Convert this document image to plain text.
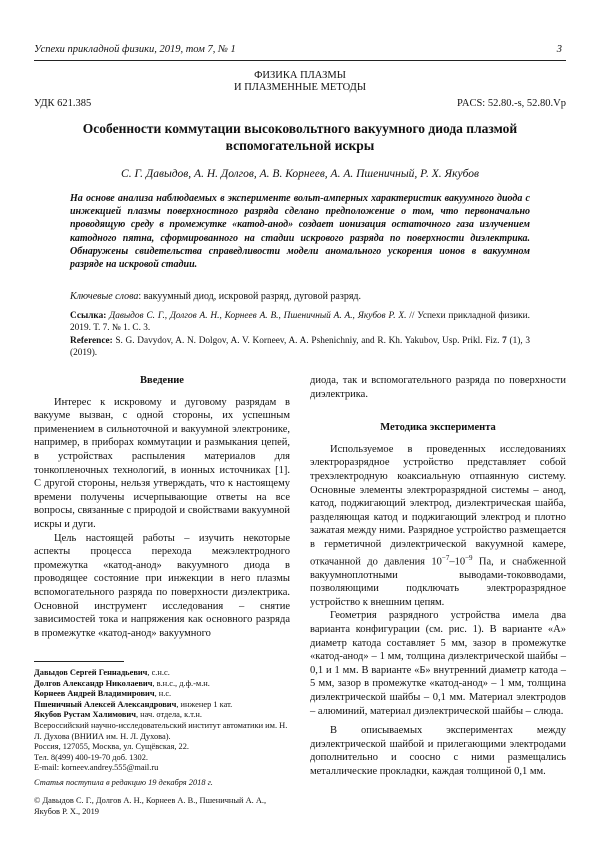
Успехи прикладной физики, 2019, том 7, № 1	3
ФИЗИКА ПЛАЗМЫ
И ПЛАЗМЕННЫЕ МЕТОДЫ
УДК 621.385	PACS: 52.80.-s, 52.80.Vp
Особенности коммутации высоковольтного вакуумного диода плазмой вспомогательной искры
С. Г. Давыдов, А. Н. Долгов, А. В. Корнеев, А. А. Пшеничный, Р. Х. Якубов
На основе анализа наблюдаемых в эксперименте вольт-амперных характеристик вакуумного диода с инжекцией плазмы поверхностного разряда сделано предположение о том, что первоначально проводящую среду в промежутке «катод-анод» создает ионизация остаточного газа излучением катодного пятна, сформированного на стадии искрового разряда по поверхности диэлектрика. Обнаружены свидетельства справедливости модели аномального ускорения ионов в вакуумном разряде на искровой стадии.
Ключевые слова: вакуумный диод, искровой разряд, дуговой разряд.
Ссылка: Давыдов С. Г., Долгов А. Н., Корнеев А. В., Пшеничный А. А., Якубов Р. Х. // Успехи прикладной физики. 2019. Т. 7. № 1. С. 3.
Reference: S. G. Davydov, A. N. Dolgov, A. V. Korneev, A. A. Pshenichniy, and R. Kh. Yakubov, Usp. Prikl. Fiz. 7 (1), 3 (2019).
Введение

Интерес к искровому и дуговому разрядам в вакууме вызван, с одной стороны, их успешным применением в сильноточной и вакуумной электронике, например, в приборах коммутации и размыкания цепей, в устройствах распыления материалов для тонкопленочных технологий, в ионных источниках [1]. С другой стороны, нельзя утверждать, что к настоящему времени получены исчерпывающие ответы на все вопросы, связанные с природой и свойствами вакуумной искры и дуги.

Цель настоящей работы – изучить некоторые аспекты процесса перехода межэлектродного промежутка «катод-анод» вакуумного диода в проводящее состояние при инжекции в него плазмы вспомогательного разряда по поверхности диэлектрика. Основной инструмент исследования – снятие зависимостей тока и напряжения как основного разряда в промежутке «катод-анод» вакуумного

Давыдов Сергей Геннадьевич, с.н.с.
Долгов Александр Николаевич, в.н.с., д.ф.-м.н.
Корнеев Андрей Владимирович, н.с.
Пшеничный Алексей Александрович, инженер 1 кат.
Якубов Рустам Халимович, нач. отдела, к.т.н.
Всероссийский научно-исследовательский институт автоматики им. Н. Л. Духова (ВНИИА им. Н. Л. Духова).
Россия, 127055, Москва, ул. Сущёвская, 22.
Тел. 8(499) 400-19-70 доб. 1302.
E-mail: korneev.andrey.555@mail.ru
Статья поступила в редакцию 19 декабря 2018 г.
© Давыдов С. Г., Долгов А. Н., Корнеев А. В., Пшеничный А. А., Якубов Р. Х., 2019

диода, так и вспомогательного разряда по поверхности диэлектрика.

Методика эксперимента

Используемое в проведенных исследованиях электроразрядное устройство представляет собой трехэлектродную коаксиальную отпаянную систему. Основные элементы электроразрядной системы – анод, катод, поджигающий электрод, диэлектрическая шайба, разделяющая катод и поджигающий электрод и плотно зажатая между ними. Разрядное устройство размещается в герметичной диэлектрической вакуумной камере, откачанной до давления $10^{-7}-10^{-9}$ Па, и снабженной вакуумноплотными выводами-токовводами, позволяющими подключать электроразрядное устройство к внешним цепям.

Геометрия разрядного устройства имела два варианта конфигурации (см. рис. 1). В варианте «А» диаметр катода составляет 5 мм, зазор в промежутке «катод-анод» – 1 мм, толщина диэлектрической шайбы – 0,1 и 1 мм. В варианте «Б» внутренний диаметр катода – 5 мм, зазор в промежутке «катод-анод» – 1 мм, толщина диэлектрической шайбы – 0,1 мм. Материал электродов – алюминий, материал диэлектрической шайбы – слюда.

В описываемых экспериментах между диэлектрической шайбой и прилегающими электродами дополнительно и соосно с ними размещались металлические прокладки, каждая толщиной 0,1 мм.
